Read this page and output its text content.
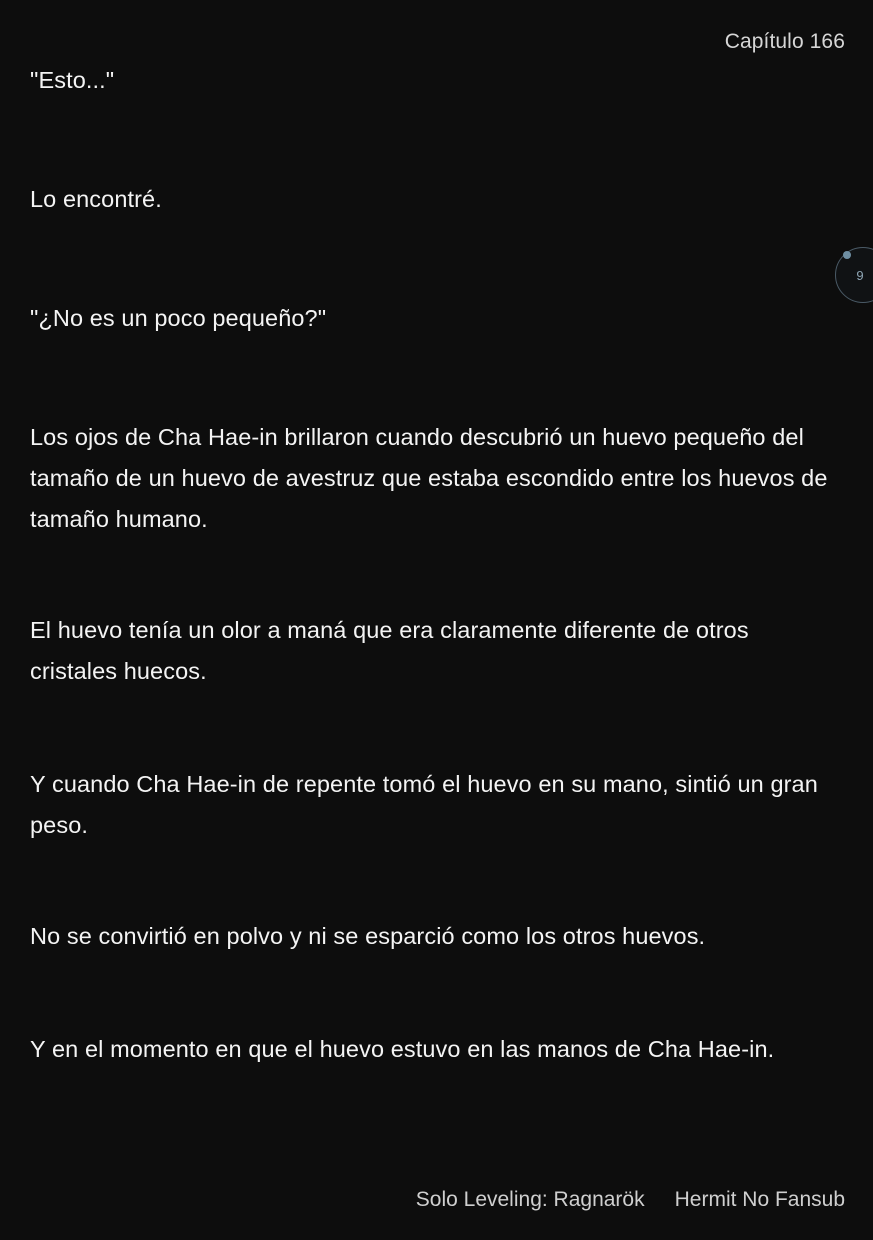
Capítulo 166

"Esto..."

Lo encontré.

"¿No es un poco pequeño?"

Los ojos de Cha Hae-in brillaron cuando descubrió un huevo pequeño del tamaño de un huevo de avestruz que estaba escondido entre los huevos de tamaño humano.

El huevo tenía un olor a maná que era claramente diferente de otros cristales huecos.

Y cuando Cha Hae-in de repente tomó el huevo en su mano, sintió un gran peso.

No se convirtió en polvo y ni se esparció como los otros huevos.

Y en el momento en que el huevo estuvo en las manos de Cha Hae-in.

9
Solo Leveling: Ragnarök Hermit No Fansub
